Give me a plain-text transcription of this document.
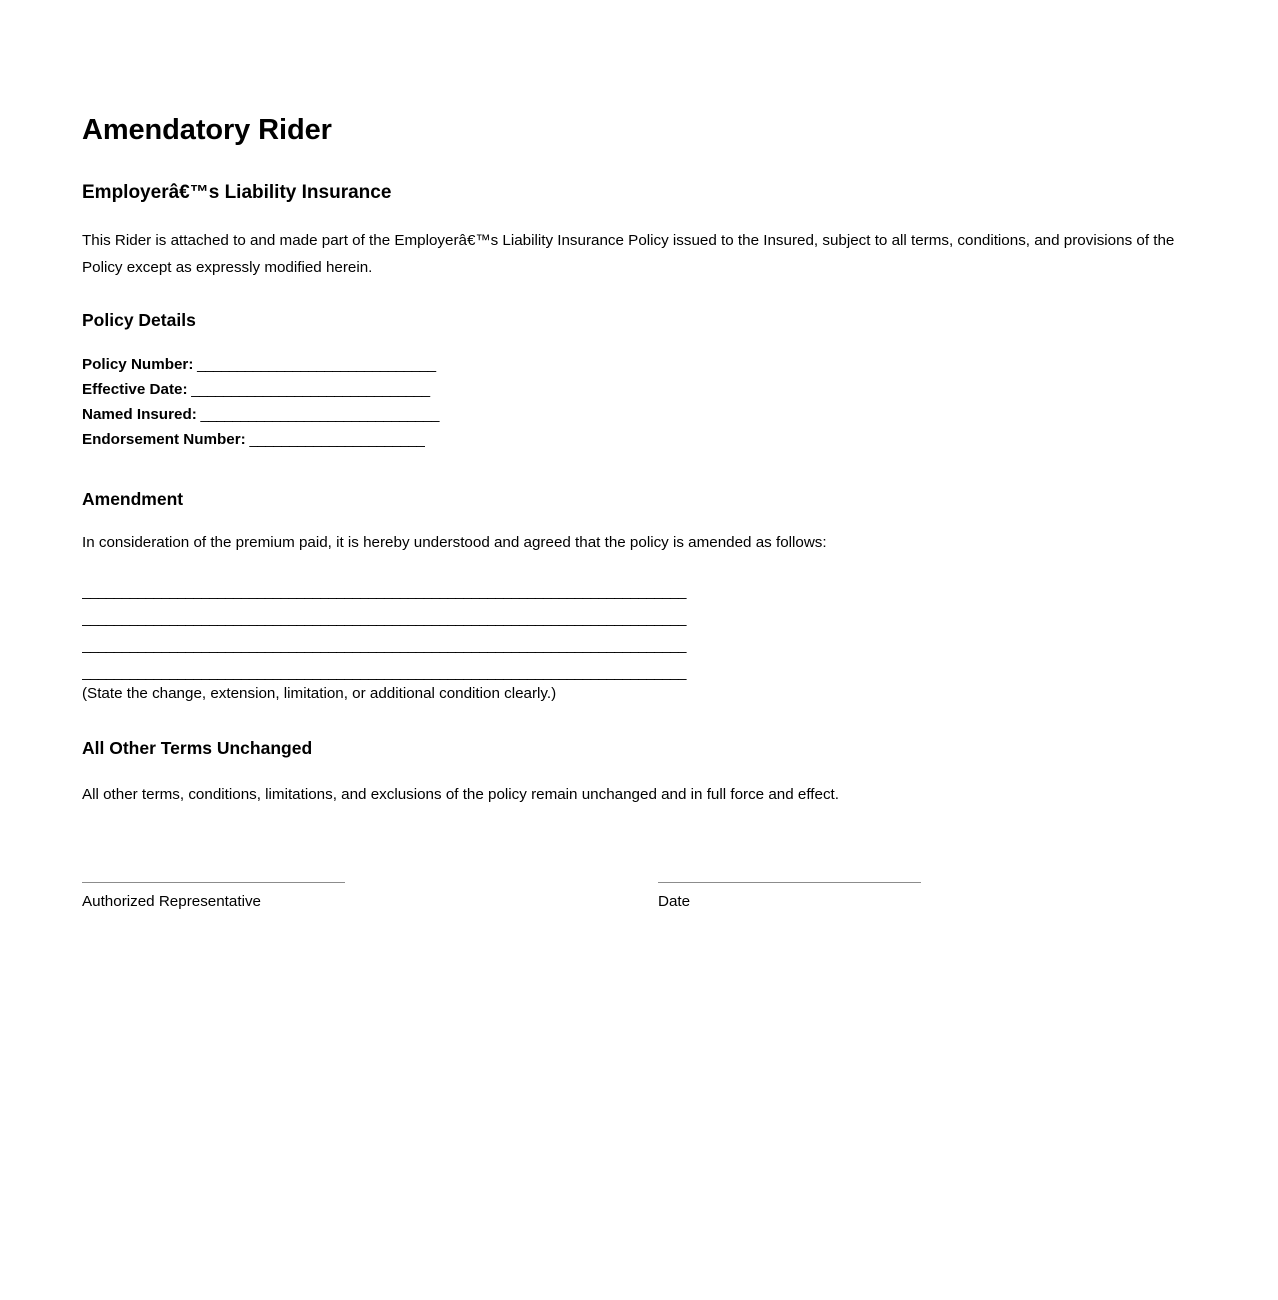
Amendatory Rider
Employerâ€™s Liability Insurance

This Rider is attached to and made part of the Employerâ€™s Liability Insurance Policy issued to the Insured, subject to all terms, conditions, and provisions of the Policy except as expressly modified herein.

Policy Details
Policy Number: ______________________________
Effective Date: ______________________________
Named Insured: ______________________________
Endorsement Number: ______________________
Amendment

In consideration of the premium paid, it is hereby understood and agreed that the policy is amended as follows:

____________________________________________________________________________
____________________________________________________________________________
____________________________________________________________________________
____________________________________________________________________________

(State the change, extension, limitation, or additional condition clearly.)

All Other Terms Unchanged

All other terms, conditions, limitations, and exclusions of the policy remain unchanged and in full force and effect.

Authorized Representative	Date
